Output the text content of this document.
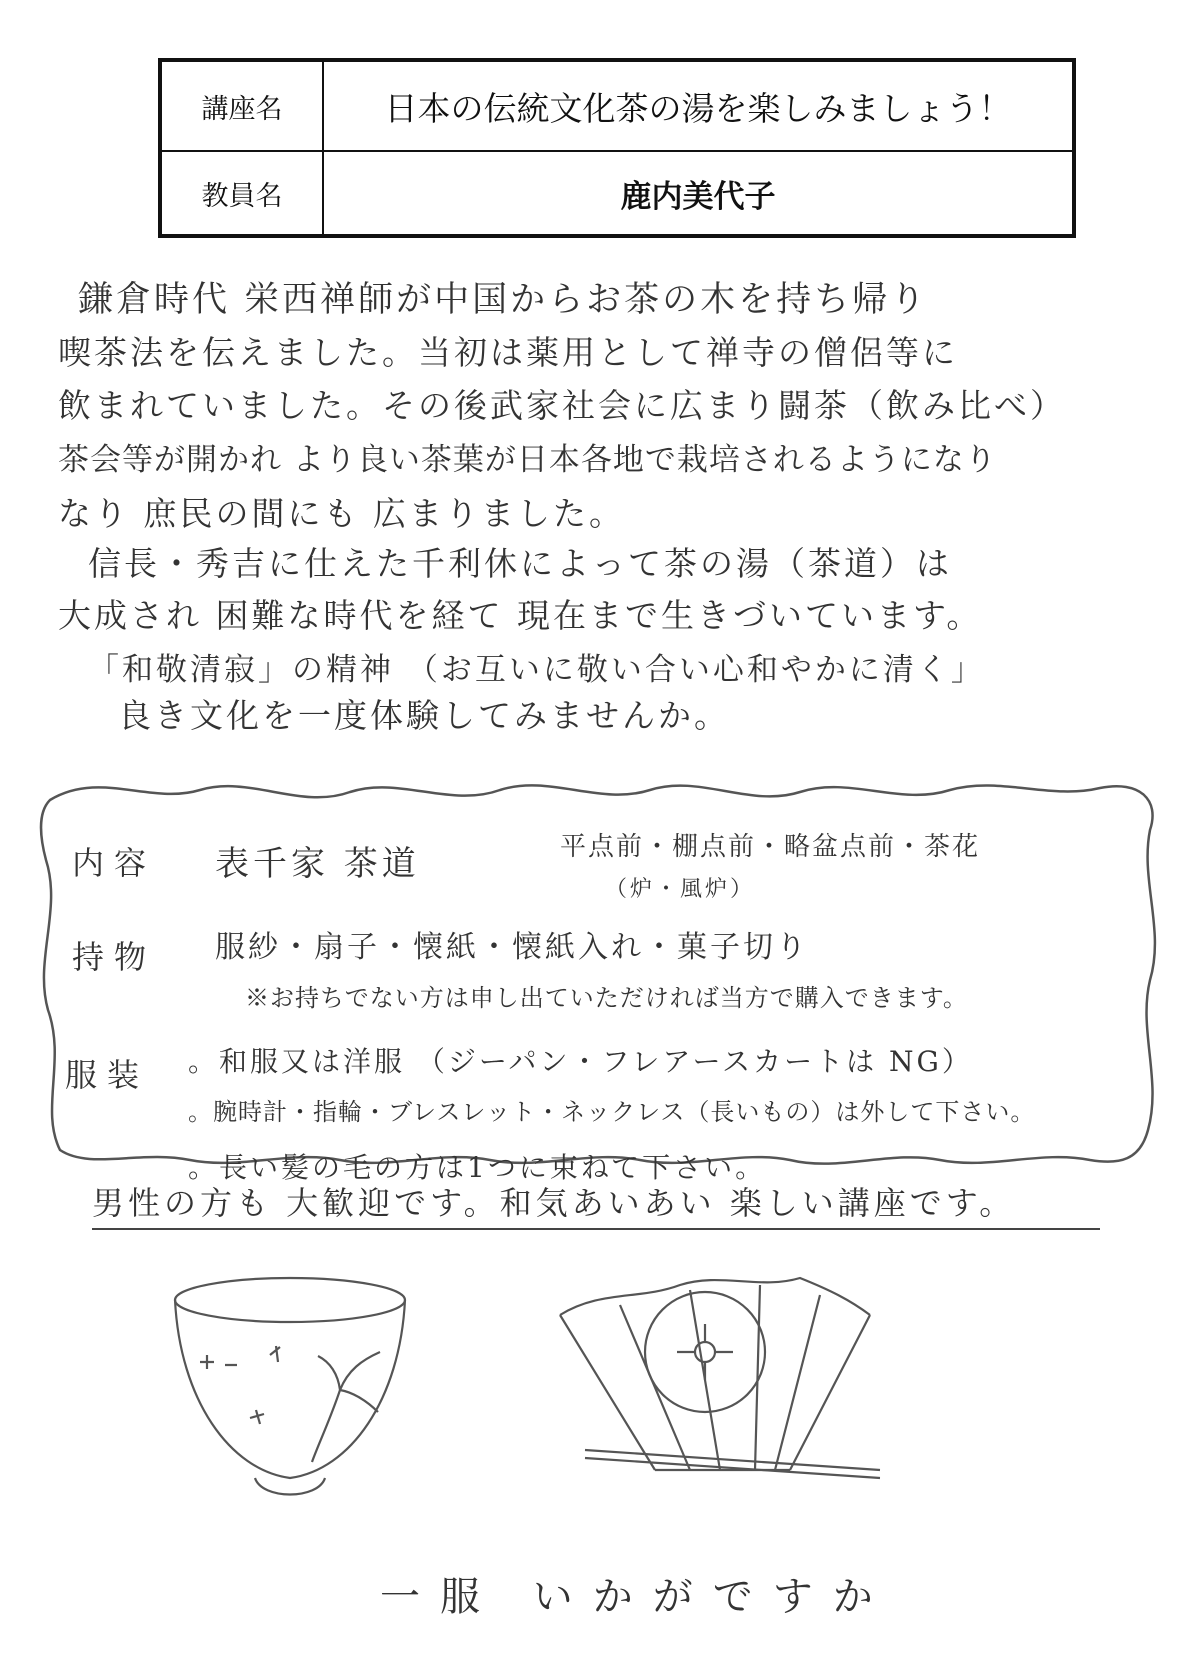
講座名	日本の伝統文化茶の湯を楽しみましょう！
教員名	鹿内美代子
鎌倉時代 栄西禅師が中国からお茶の木を持ち帰り
喫茶法を伝えました。当初は薬用として禅寺の僧侶等に
飲まれていました。その後武家社会に広まり闘茶（飲み比べ）
茶会等が開かれ より良い茶葉が日本各地で栽培されるようになり
なり 庶民の間にも 広まりました。
信長・秀吉に仕えた千利休によって茶の湯（茶道）は
大成され 困難な時代を経て 現在まで生きづいています。
「和敬清寂」の精神 （お互いに敬い合い心和やかに清く」
良き文化を一度体験してみませんか。
内容 表千家 茶道	平点前・棚点前・略盆点前・茶花
（炉・風炉）
持物 服紗・扇子・懐紙・懐紙入れ・菓子切り
※お持ちでない方は申し出ていただければ当方で購入できます。
服装 。和服又は洋服 （ジーパン・フレアースカートは NG）
。腕時計・指輪・ブレスレット・ネックレス（長いもの）は外して下さい。
。長い髪の毛の方は1つに束ねて下さい。
男性の方も 大歓迎です。和気あいあい 楽しい講座です。
一服 いかがですか
